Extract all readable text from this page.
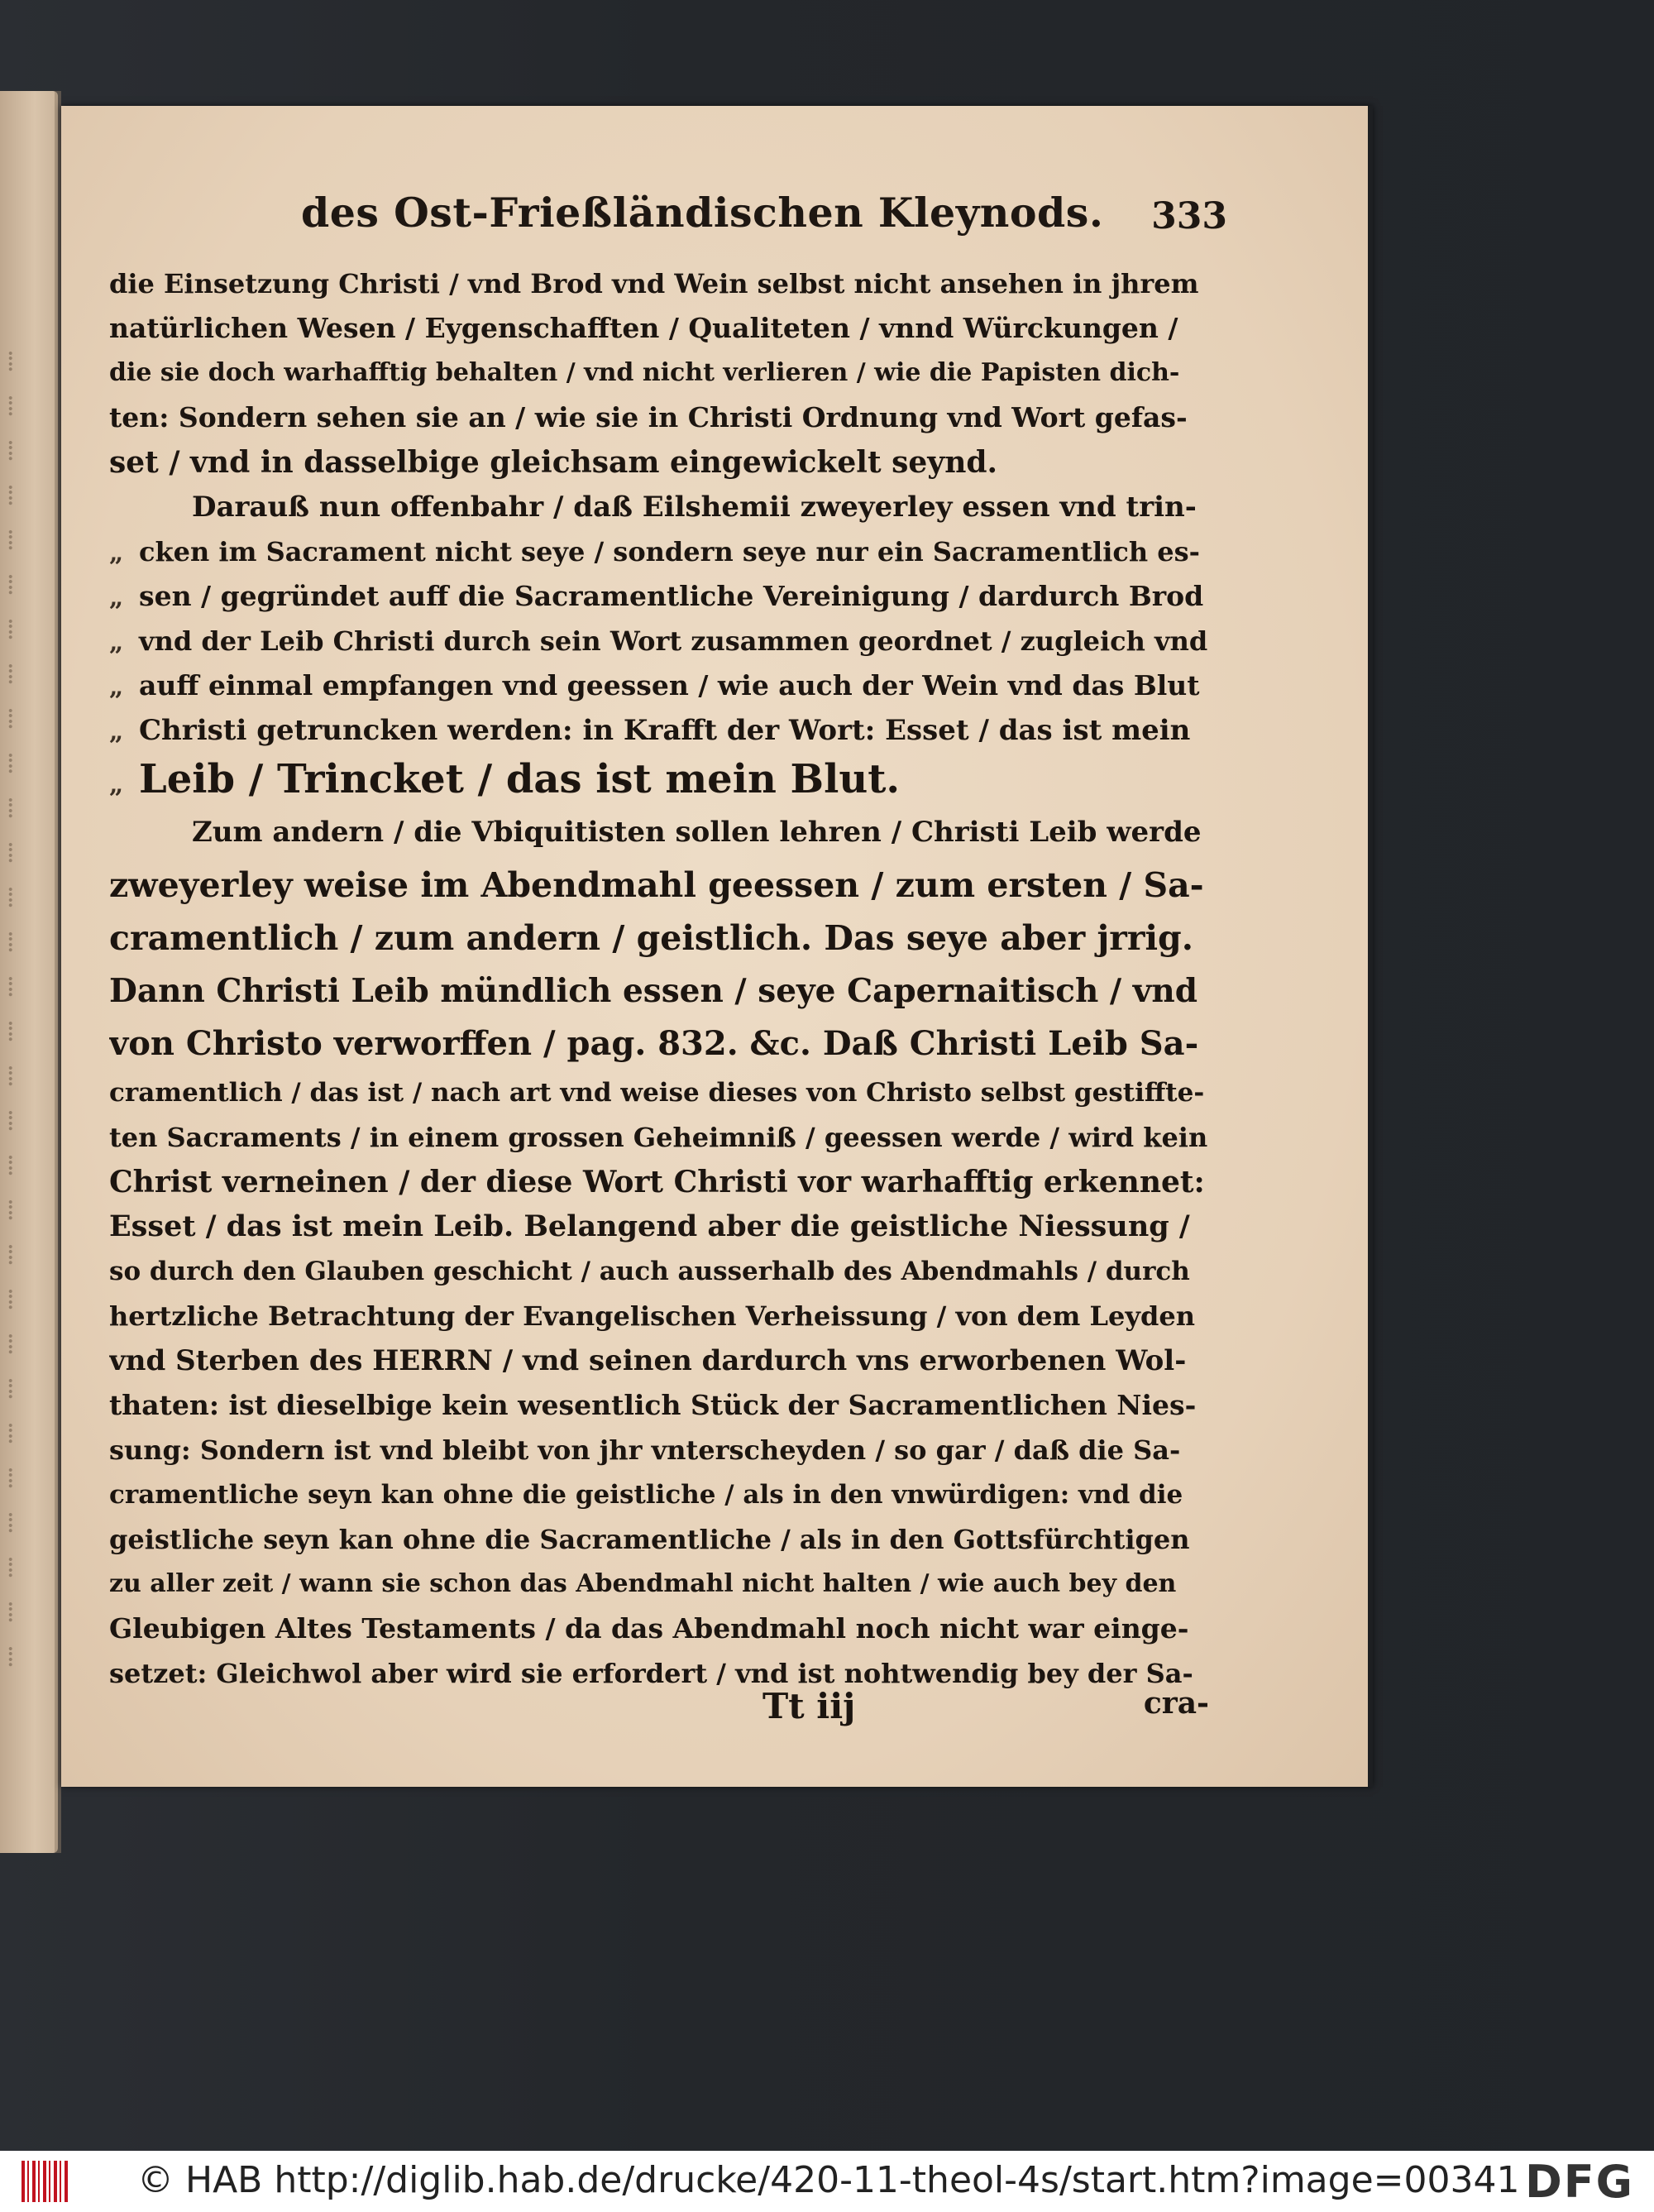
⁞
⁞
⁞
⁞
⁞
⁞
⁞
⁞
⁞
⁞
⁞
⁞
⁞
⁞
⁞
⁞
⁞
⁞
⁞
⁞
⁞
⁞
⁞
⁞
⁞
⁞
⁞
⁞
⁞
⁞
des Ost-Frießländischen Kleynods. 333
die Einsetzung Christi / vnd Brod vnd Wein selbst nicht ansehen in jhrem
natürlichen Wesen / Eygenschafften / Qualiteten / vnnd Würckungen /
die sie doch warhafftig behalten / vnd nicht verlieren / wie die Papisten dich-
ten: Sondern sehen sie an / wie sie in Christi Ordnung vnd Wort gefas-
set / vnd in dasselbige gleichsam eingewickelt seynd.
Darauß nun offenbahr / daß Eilshemii zweyerley essen vnd trin-
„ cken im Sacrament nicht seye / sondern seye nur ein Sacramentlich es-
„ sen / gegründet auff die Sacramentliche Vereinigung / dardurch Brod
„ vnd der Leib Christi durch sein Wort zusammen geordnet / zugleich vnd
„ auff einmal empfangen vnd geessen / wie auch der Wein vnd das Blut
„ Christi getruncken werden: in Krafft der Wort: Esset / das ist mein
„ Leib / Trincket / das ist mein Blut.
Zum andern / die Vbiquitisten sollen lehren / Christi Leib werde
zweyerley weise im Abendmahl geessen / zum ersten / Sa-
cramentlich / zum andern / geistlich. Das seye aber jrrig.
Dann Christi Leib mündlich essen / seye Capernaitisch / vnd
von Christo verworffen / pag. 832. &c. Daß Christi Leib Sa-
cramentlich / das ist / nach art vnd weise dieses von Christo selbst gestiffte-
ten Sacraments / in einem grossen Geheimniß / geessen werde / wird kein
Christ verneinen / der diese Wort Christi vor warhafftig erkennet:
Esset / das ist mein Leib. Belangend aber die geistliche Niessung /
so durch den Glauben geschicht / auch ausserhalb des Abendmahls / durch
hertzliche Betrachtung der Evangelischen Verheissung / von dem Leyden
vnd Sterben des HERRN / vnd seinen dardurch vns erworbenen Wol-
thaten: ist dieselbige kein wesentlich Stück der Sacramentlichen Nies-
sung: Sondern ist vnd bleibt von jhr vnterscheyden / so gar / daß die Sa-
cramentliche seyn kan ohne die geistliche / als in den vnwürdigen: vnd die
geistliche seyn kan ohne die Sacramentliche / als in den Gottsfürchtigen
zu aller zeit / wann sie schon das Abendmahl nicht halten / wie auch bey den
Gleubigen Altes Testaments / da das Abendmahl noch nicht war einge-
setzet: Gleichwol aber wird sie erfordert / vnd ist nohtwendig bey der Sa-
Tt iij	cra-
© HAB http://diglib.hab.de/drucke/420-11-theol-4s/start.htm?image=00341 DFG
